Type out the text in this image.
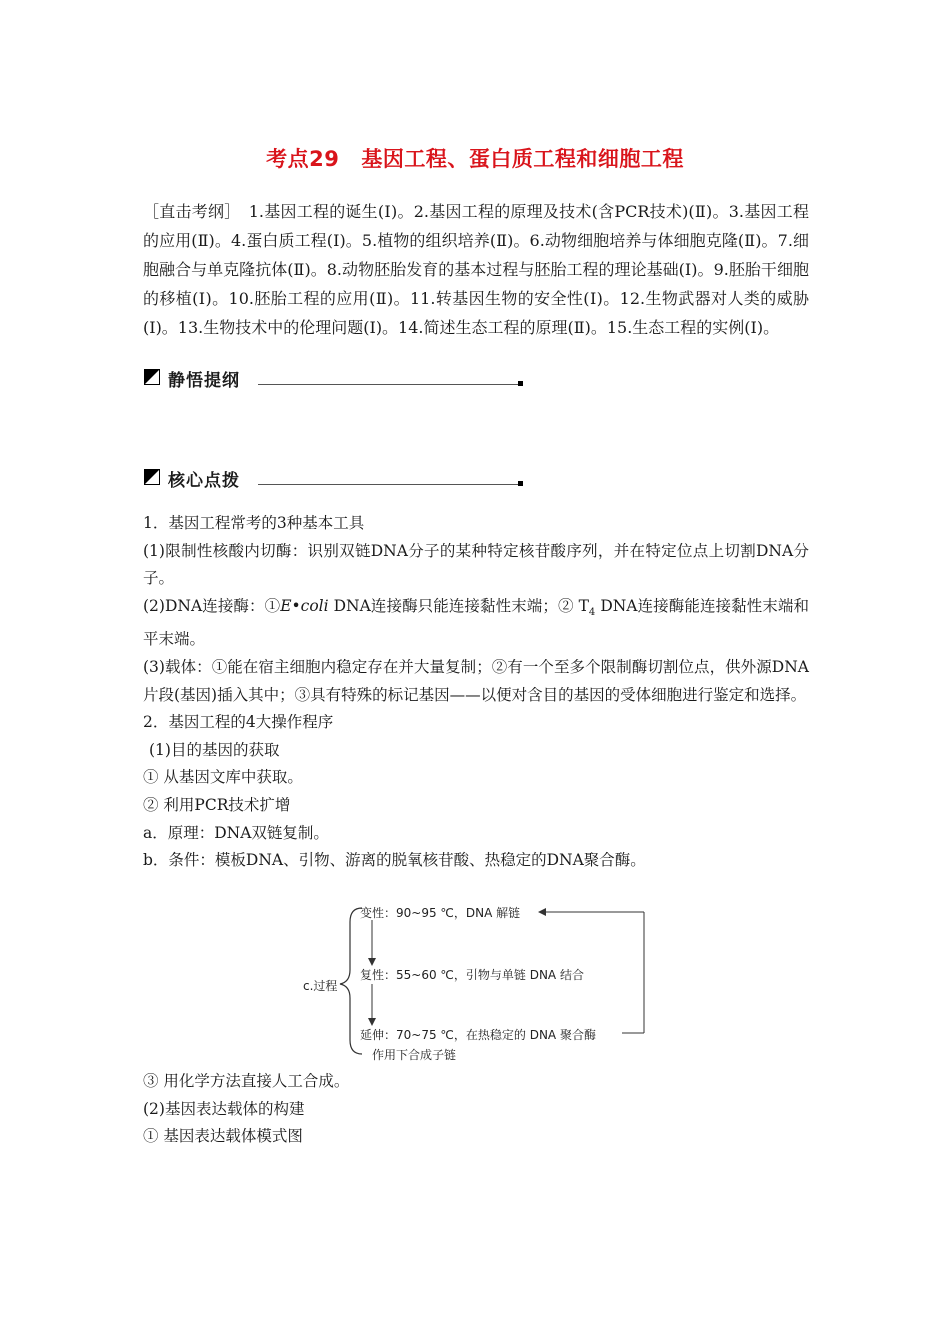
考点29 基因工程、蛋白质工程和细胞工程
［直击考纲］　1.基因工程的诞生(Ⅰ)。2.基因工程的原理及技术(含PCR技术)(Ⅱ)。3.基因工程的应用(Ⅱ)。4.蛋白质工程(Ⅰ)。5.植物的组织培养(Ⅱ)。6.动物细胞培养与体细胞克隆(Ⅱ)。7.细胞融合与单克隆抗体(Ⅱ)。8.动物胚胎发育的基本过程与胚胎工程的理论基础(Ⅰ)。9.胚胎干细胞的移植(Ⅰ)。10.胚胎工程的应用(Ⅱ)。11.转基因生物的安全性(Ⅰ)。12.生物武器对人类的威胁(Ⅰ)。13.生物技术中的伦理问题(Ⅰ)。14.简述生态工程的原理(Ⅱ)。15.生态工程的实例(Ⅰ)。
静悟提纲
核心点拨

1．基因工程常考的3种基本工具

(1)限制性核酸内切酶：识别双链DNA分子的某种特定核苷酸序列，并在特定位点上切割DNA分子。

(2)DNA连接酶：①E•coli DNA连接酶只能连接黏性末端；② $T_4$ DNA连接酶能连接黏性末端和平末端。

(3)载体：①能在宿主细胞内稳定存在并大量复制；②有一个至多个限制酶切割位点，供外源DNA片段(基因)插入其中；③具有特殊的标记基因——以便对含目的基因的受体细胞进行鉴定和选择。

2．基因工程的4大操作程序

(1)目的基因的获取

① 从基因文库中获取。

② 利用PCR技术扩增

a．原理：DNA双链复制。

b．条件：模板DNA、引物、游离的脱氧核苷酸、热稳定的DNA聚合酶。

c.过程
变性：90~95 ℃，DNA 解链
复性：55~60 ℃，引物与单链 DNA 结合
延伸：70~75 ℃，在热稳定的 DNA 聚合酶
作用下合成子链

③ 用化学方法直接人工合成。

(2)基因表达载体的构建

① 基因表达载体模式图
